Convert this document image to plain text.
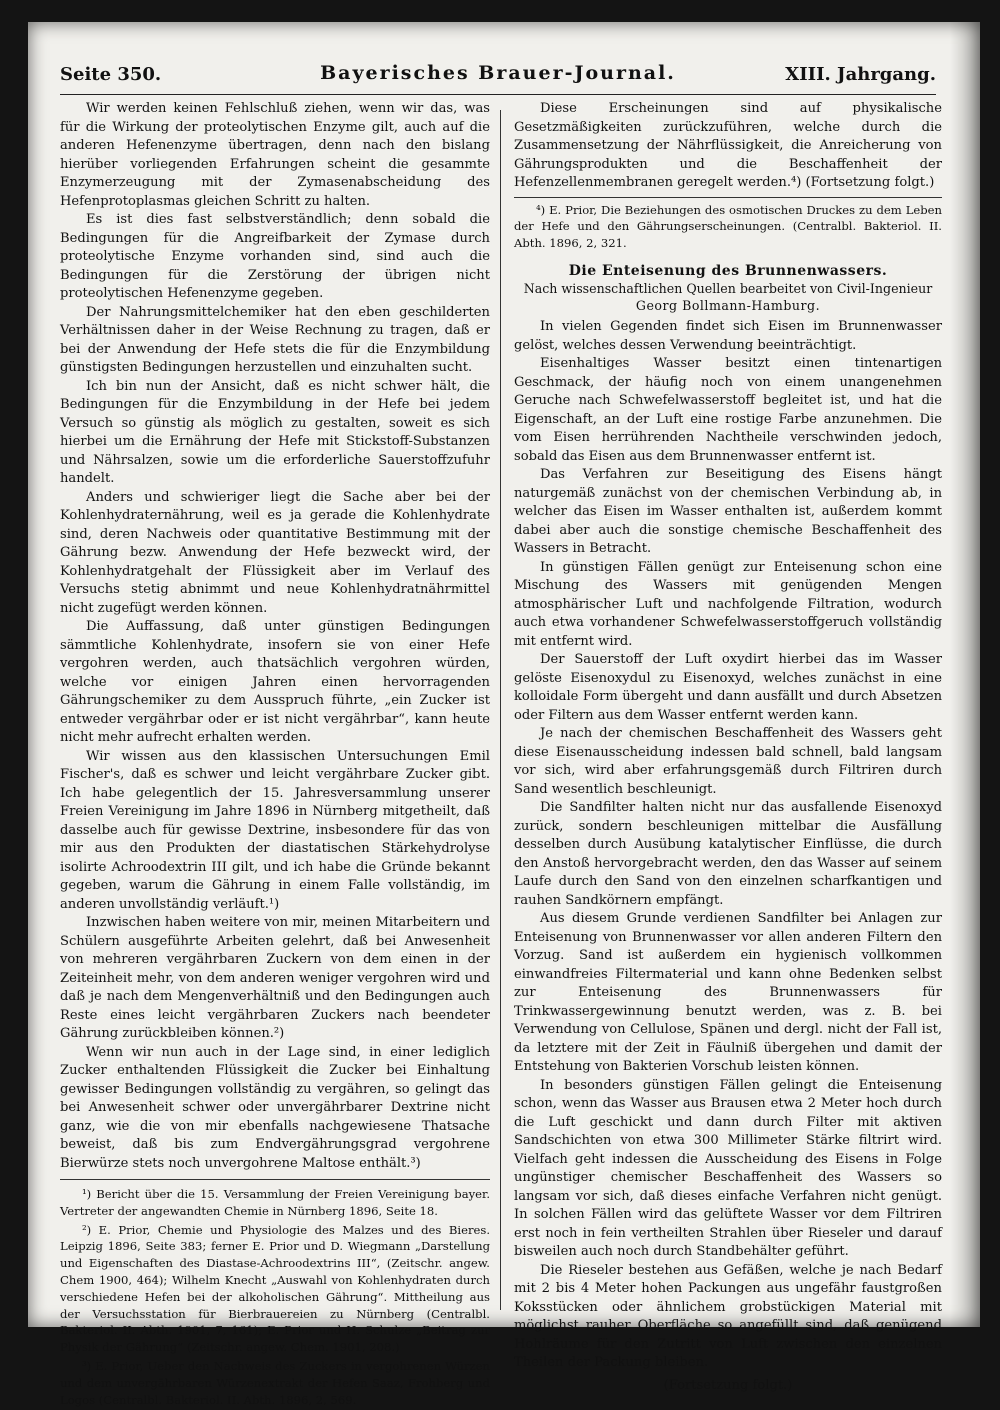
Seite 350.	Bayerisches Brauer-Journal.	XIII. Jahrgang.

Wir werden keinen Fehlschluß ziehen, wenn wir das, was für die Wirkung der proteolytischen Enzyme gilt, auch auf die anderen Hefenenzyme übertragen, denn nach den bislang hierüber vorliegenden Erfahrungen scheint die gesammte Enzymerzeugung mit der Zymasenabscheidung des Hefenprotoplasmas gleichen Schritt zu halten.

Es ist dies fast selbstverständlich; denn sobald die Bedingungen für die Angreifbarkeit der Zymase durch proteolytische Enzyme vorhanden sind, sind auch die Bedingungen für die Zerstörung der übrigen nicht proteolytischen Hefenenzyme gegeben.

Der Nahrungsmittelchemiker hat den eben geschilderten Verhältnissen daher in der Weise Rechnung zu tragen, daß er bei der Anwendung der Hefe stets die für die Enzymbildung günstigsten Bedingungen herzustellen und einzuhalten sucht.

Ich bin nun der Ansicht, daß es nicht schwer hält, die Bedingungen für die Enzymbildung in der Hefe bei jedem Versuch so günstig als möglich zu gestalten, soweit es sich hierbei um die Ernährung der Hefe mit Stickstoff-Substanzen und Nährsalzen, sowie um die erforderliche Sauerstoffzufuhr handelt.

Anders und schwieriger liegt die Sache aber bei der Kohlenhydraternährung, weil es ja gerade die Kohlenhydrate sind, deren Nachweis oder quantitative Bestimmung mit der Gährung bezw. Anwendung der Hefe bezweckt wird, der Kohlenhydratgehalt der Flüssigkeit aber im Verlauf des Versuchs stetig abnimmt und neue Kohlenhydratnährmittel nicht zugefügt werden können.

Die Auffassung, daß unter günstigen Bedingungen sämmtliche Kohlenhydrate, insofern sie von einer Hefe vergohren werden, auch thatsächlich vergohren würden, welche vor einigen Jahren einen hervorragenden Gährungschemiker zu dem Ausspruch führte, „ein Zucker ist entweder vergährbar oder er ist nicht vergährbar“, kann heute nicht mehr aufrecht erhalten werden.

Wir wissen aus den klassischen Untersuchungen Emil Fischer's, daß es schwer und leicht vergährbare Zucker gibt. Ich habe gelegentlich der 15. Jahresversammlung unserer Freien Vereinigung im Jahre 1896 in Nürnberg mitgetheilt, daß dasselbe auch für gewisse Dextrine, insbesondere für das von mir aus den Produkten der diastatischen Stärkehydrolyse isolirte Achroodextrin III gilt, und ich habe die Gründe bekannt gegeben, warum die Gährung in einem Falle vollständig, im anderen unvollständig verläuft.¹)

Inzwischen haben weitere von mir, meinen Mitarbeitern und Schülern ausgeführte Arbeiten gelehrt, daß bei Anwesenheit von mehreren vergährbaren Zuckern von dem einen in der Zeiteinheit mehr, von dem anderen weniger vergohren wird und daß je nach dem Mengenverhältniß und den Bedingungen auch Reste eines leicht vergährbaren Zuckers nach beendeter Gährung zurückbleiben können.²)

Wenn wir nun auch in der Lage sind, in einer lediglich Zucker enthaltenden Flüssigkeit die Zucker bei Einhaltung gewisser Bedingungen vollständig zu vergähren, so gelingt das bei Anwesenheit schwer oder unvergährbarer Dextrine nicht ganz, wie die von mir ebenfalls nachgewiesene Thatsache beweist, daß bis zum Endvergährungsgrad vergohrene Bierwürze stets noch unvergohrene Maltose enthält.³)

¹) Bericht über die 15. Versammlung der Freien Vereinigung bayer. Vertreter der angewandten Chemie in Nürnberg 1896, Seite 18.

²) E. Prior, Chemie und Physiologie des Malzes und des Bieres. Leipzig 1896, Seite 383; ferner E. Prior und D. Wiegmann „Darstellung und Eigenschaften des Diastase-Achroodextrins III“, (Zeitschr. angew. Chem 1900, 464); Wilhelm Knecht „Auswahl von Kohlenhydraten durch verschiedene Hefen bei der alkoholischen Gährung“. Mittheilung aus der Versuchsstation für Bierbrauereien zu Nürnberg (Centralbl. Bakteriol. II. Abth. 1901, 7, 161); E. Prior und H. Schulze „Beitrag zur Physik der Gährung“ (Zeitschr. angew. Chem. 1901, 208.)

³) E. Prior, Ueber den Nachweis des Zuckers in vergohrenen Würzen und dem unvergährbaren Würzenextrakt der Hefen Saaz, Frohberg und Logos (Centralbl. Bakteriol. II. Abth. 1896, 2, 569.

Diese Erscheinungen sind auf physikalische Gesetzmäßigkeiten zurückzuführen, welche durch die Zusammensetzung der Nährflüssigkeit, die Anreicherung von Gährungsprodukten und die Beschaffenheit der Hefenzellenmembranen geregelt werden.⁴) (Fortsetzung folgt.)

⁴) E. Prior, Die Beziehungen des osmotischen Druckes zu dem Leben der Hefe und den Gährungserscheinungen. (Centralbl. Bakteriol. II. Abth. 1896, 2, 321.

Die Enteisenung des Brunnenwassers.
Nach wissenschaftlichen Quellen bearbeitet von Civil-Ingenieur
Georg Bollmann-Hamburg.

In vielen Gegenden findet sich Eisen im Brunnenwasser gelöst, welches dessen Verwendung beeinträchtigt.

Eisenhaltiges Wasser besitzt einen tintenartigen Geschmack, der häufig noch von einem unangenehmen Geruche nach Schwefelwasserstoff begleitet ist, und hat die Eigenschaft, an der Luft eine rostige Farbe anzunehmen. Die vom Eisen herrührenden Nachtheile verschwinden jedoch, sobald das Eisen aus dem Brunnenwasser entfernt ist.

Das Verfahren zur Beseitigung des Eisens hängt naturgemäß zunächst von der chemischen Verbindung ab, in welcher das Eisen im Wasser enthalten ist, außerdem kommt dabei aber auch die sonstige chemische Beschaffenheit des Wassers in Betracht.

In günstigen Fällen genügt zur Enteisenung schon eine Mischung des Wassers mit genügenden Mengen atmosphärischer Luft und nachfolgende Filtration, wodurch auch etwa vorhandener Schwefelwasserstoffgeruch vollständig mit entfernt wird.

Der Sauerstoff der Luft oxydirt hierbei das im Wasser gelöste Eisenoxydul zu Eisenoxyd, welches zunächst in eine kolloidale Form übergeht und dann ausfällt und durch Absetzen oder Filtern aus dem Wasser entfernt werden kann.

Je nach der chemischen Beschaffenheit des Wassers geht diese Eisenausscheidung indessen bald schnell, bald langsam vor sich, wird aber erfahrungsgemäß durch Filtriren durch Sand wesentlich beschleunigt.

Die Sandfilter halten nicht nur das ausfallende Eisenoxyd zurück, sondern beschleunigen mittelbar die Ausfällung desselben durch Ausübung katalytischer Einflüsse, die durch den Anstoß hervorgebracht werden, den das Wasser auf seinem Laufe durch den Sand von den einzelnen scharfkantigen und rauhen Sandkörnern empfängt.

Aus diesem Grunde verdienen Sandfilter bei Anlagen zur Enteisenung von Brunnenwasser vor allen anderen Filtern den Vorzug. Sand ist außerdem ein hygienisch vollkommen einwandfreies Filtermaterial und kann ohne Bedenken selbst zur Enteisenung des Brunnenwassers für Trinkwassergewinnung benutzt werden, was z. B. bei Verwendung von Cellulose, Spänen und dergl. nicht der Fall ist, da letztere mit der Zeit in Fäulniß übergehen und damit der Entstehung von Bakterien Vorschub leisten können.

In besonders günstigen Fällen gelingt die Enteisenung schon, wenn das Wasser aus Brausen etwa 2 Meter hoch durch die Luft geschickt und dann durch Filter mit aktiven Sandschichten von etwa 300 Millimeter Stärke filtrirt wird. Vielfach geht indessen die Ausscheidung des Eisens in Folge ungünstiger chemischer Beschaffenheit des Wassers so langsam vor sich, daß dieses einfache Verfahren nicht genügt. In solchen Fällen wird das gelüftete Wasser vor dem Filtriren erst noch in fein vertheilten Strahlen über Rieseler und darauf bisweilen auch noch durch Standbehälter geführt.

Die Rieseler bestehen aus Gefäßen, welche je nach Bedarf mit 2 bis 4 Meter hohen Packungen aus ungefähr faustgroßen Koksstücken oder ähnlichem grobstückigen Material mit möglichst rauher Oberfläche so angefüllt sind, daß genügend Hohlräume für den Zutritt von Luft zwischen den einzelnen Theilen der Packung bleiben.

(Fortsetzung folgt.)
